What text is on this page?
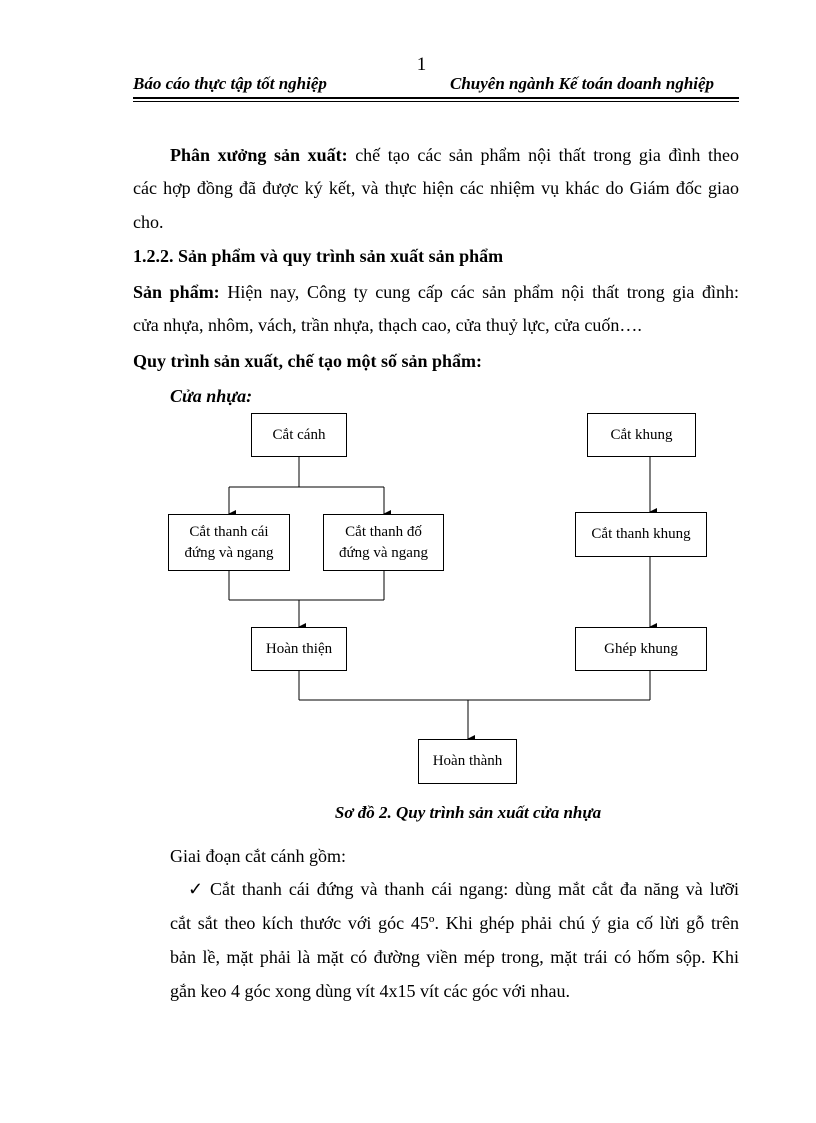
1
Báo cáo thực tập tốt nghiệp	Chuyên ngành Kế toán doanh nghiệp
Phân xưởng sản xuất: chế tạo các sản phẩm nội thất trong gia đình theo
các hợp đồng đã được ký kết, và thực hiện các nhiệm vụ khác do Giám đốc giao
cho.
1.2.2. Sản phẩm và quy trình sản xuất sản phẩm
Sản phẩm: Hiện nay, Công ty cung cấp các sản phẩm nội thất trong gia đình:
cửa nhựa, nhôm, vách, trần nhựa, thạch cao, cửa thuỷ lực, cửa cuốn….
Quy trình sản xuất, chế tạo một số sản phẩm:
Cửa nhựa:
Cắt cánh	Cắt khung
Cắt thanh cái đứng và ngang
Cắt thanh đố đứng và ngang
Cắt thanh khung
Hoàn thiện	Ghép khung
Hoàn thành
Sơ đồ 2. Quy trình sản xuất cửa nhựa
Giai đoạn cắt cánh gồm:
✓ Cắt thanh cái đứng và thanh cái ngang: dùng mắt cắt đa năng và lưỡi
cắt sắt theo kích thước với góc 45º. Khi ghép phải chú ý gia cố lừi gỗ trên
bản lề, mặt phải là mặt có đường viền mép trong, mặt trái có hốm sộp. Khi
gắn keo 4 góc xong dùng vít 4x15 vít các góc với nhau.
